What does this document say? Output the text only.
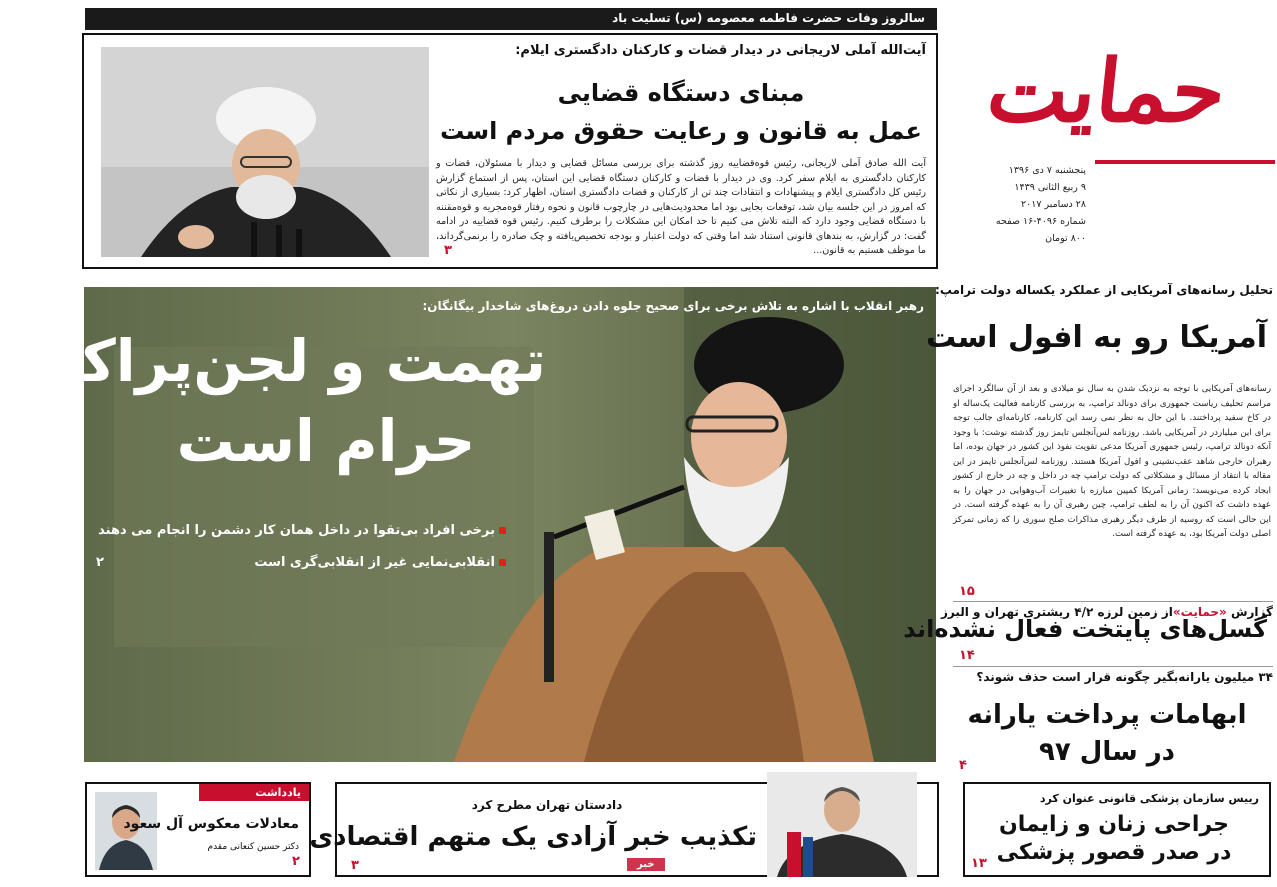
سالروز وفات حضرت فاطمه معصومه (س) تسلیت باد
آیت‌الله آملی لاریجانی در دیدار قضات و کارکنان دادگستری ایلام:
مبنای دستگاه قضایی
عمل به قانون و رعایت حقوق مردم است
آیت الله صادق آملی لاریجانی، رئیس قوه‌قضاییه روز گذشته برای بررسی مسائل قضایی و دیدار با مسئولان، قضات و کارکنان دادگستری به ایلام سفر کرد. وی در دیدار با قضات و کارکنان دستگاه قضایی این استان، پس از استماع گزارش رئیس کل دادگستری ایلام و پیشنهادات و انتقادات چند تن از کارکنان و قضات دادگستری استان، اظهار کرد: بسیاری از نکاتی که امروز در این جلسه بیان شد، توقعات بجایی بود اما محدودیت‌هایی در چارچوب قانون و نحوه رفتار قوه‌مجریه و قوه‌مقننه با دستگاه قضایی وجود دارد که البته تلاش می کنیم تا حد امکان این مشکلات را برطرف کنیم. رئیس قوه قضاییه در ادامه گفت: در گزارش، به بندهای قانونی استناد شد اما وقتی که دولت اعتبار و بودجه تخصیص‌یافته و چک صادره را برنمی‌گرداند، ما موظف هستیم به قانون...
۳
حمایت
پنجشنبه ۷ دی ۱۳۹۶
۹ ربیع الثانی ۱۴۳۹
۲۸ دسامبر ۲۰۱۷
شماره ۴۰۹۶-۱۶ صفحه
۸۰۰ تومان
رهبر انقلاب با اشاره به تلاش برخی برای صحیح جلوه دادن دروغ‌های شاخدار بیگانگان:
تهمت و لجن‌پراکنی
حرام است
برخی افراد بی‌تقوا در داخل همان کار دشمن را انجام می دهند
انقلابی‌نمایی غیر از انقلابی‌گری است
۲
تحلیل رسانه‌های آمریکایی از عملکرد یکساله دولت ترامپ:
آمریکا رو به افول است
رسانه‌های آمریکایی با توجه به نزدیک شدن به سال نو میلادی و بعد از آن سالگرد اجرای مراسم تحلیف ریاست جمهوری برای دونالد ترامپ، به بررسی کارنامه فعالیت یک‌ساله او در کاخ سفید پرداختند. با این حال به نظر نمی رسد این کارنامه، کارنامه‌ای جالب توجه برای این میلیاردر در آمریکایی باشد. روزنامه لس‌آنجلس تایمز روز گذشته نوشت: با وجود آنکه دونالد ترامپ، رئیس جمهوری آمریکا مدعی تقویت نفوذ این کشور در جهان بوده، اما رهبران خارجی شاهد عقب‌نشینی و افول آمریکا هستند. روزنامه لس‌آنجلس تایمز در این مقاله با انتقاد از مسائل و مشکلاتی که دولت ترامپ چه در داخل و چه در خارج از کشور ایجاد کرده می‌نویسد: زمانی آمریکا کمپین مبارزه با تغییرات آب‌وهوایی در جهان را به عهده داشت که اکنون آن را به لطف ترامپ، چین رهبری آن را به عهده گرفته است. در این حالی است که روسیه از طرف دیگر رهبری مذاکرات صلح سوری را که زمانی تمرکز اصلی دولت آمریکا بود، به عهده گرفته است.
۱۵
گزارش «حمایت»از زمین لرزه ۴/۲ ریشتری تهران و البرز
گسل‌های پایتخت فعال نشده‌اند
۱۴
۳۴ میلیون یارانه‌بگیر چگونه قرار است حذف شوند؟
ابهامات پرداخت یارانه
در سال ۹۷
۴
یادداشت
معادلات معکوس آل سعود
دکتر حسین کنعانی مقدم
۲
دادستان تهران مطرح کرد
تکذیب خبر آزادی یک متهم اقتصادی
۳	خبر
رییس سازمان پزشکی قانونی عنوان کرد
جراحی زنان و زایمان
در صدر قصور پزشکی
۱۳
